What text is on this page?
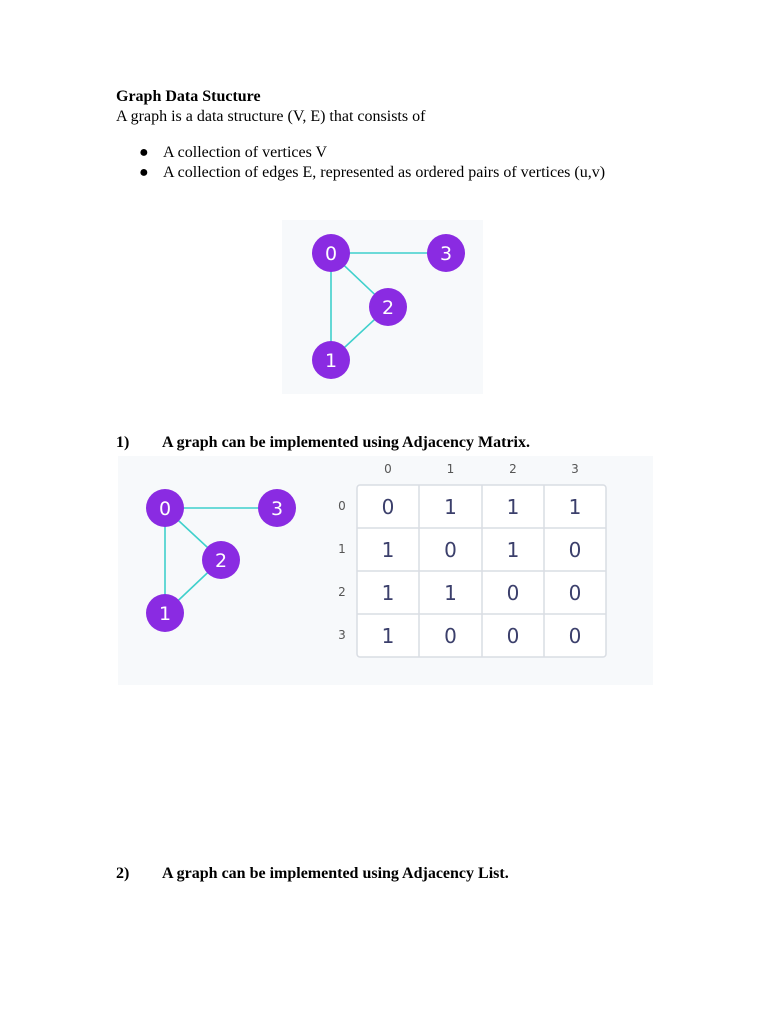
Graph Data Stucture
A graph is a data structure (V, E) that consists of
● A collection of vertices V
● A collection of edges E, represented as ordered pairs of vertices (u,v)
0	3
2
1
1) A graph can be implemented using Adjacency Matrix.
0	3
2
1
0	1	2	3
0
1
2
3
0	1	1	1
1	0	1	0
1	1	0	0
1	0	0	0
2) A graph can be implemented using Adjacency List.
